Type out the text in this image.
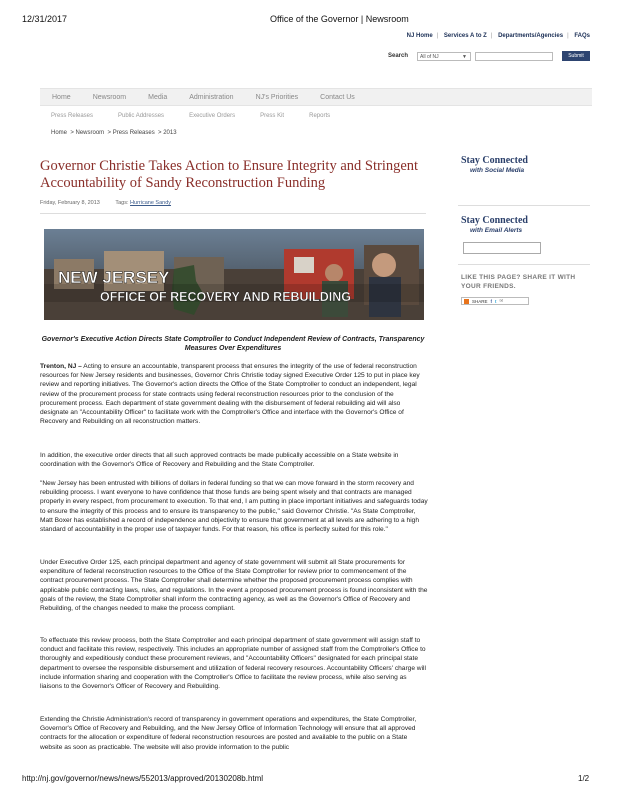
12/31/2017	Office of the Governor | Newsroom
NJ Home | Services A to Z | Departments/Agencies | FAQs
Search	All of NJ	▼	Submit
Home	Newsroom	Media	Administration	NJ's Priorities	Contact Us
Press Releases	Public Addresses	Executive Orders	Press Kit	Reports
Home  > Newsroom  > Press Releases  > 2013
Governor Christie Takes Action to Ensure Integrity and Stringent Accountability of Sandy Reconstruction Funding
Friday, February 8, 2013	Tags: Hurricane Sandy
NEW JERSEY
OFFICE OF RECOVERY AND REBUILDING
Stay Connected
with Social Media
Stay Connected
with Email Alerts
LIKE THIS PAGE? SHARE IT WITH YOUR FRIENDS.
SHARE f t ✉
Governor's Executive Action Directs State Comptroller to Conduct Independent Review of Contracts, Transparency Measures Over Expenditures
Trenton, NJ – Acting to ensure an accountable, transparent process that ensures the integrity of the use of federal reconstruction resources for New Jersey residents and businesses, Governor Chris Christie today signed Executive Order 125 to put in place key review and reporting initiatives. The Governor's action directs the Office of the State Comptroller to conduct an independent, legal review of the procurement process for state contracts using federal reconstruction resources prior to the conclusion of the procurement process. Each department of state government dealing with the disbursement of federal rebuilding aid will also designate an "Accountability Officer" to facilitate work with the Comptroller's Office and interface with the Governor's Office of Recovery and Rebuilding on all reconstruction matters.
In addition, the executive order directs that all such approved contracts be made publically accessible on a State website in coordination with the Governor's Office of Recovery and Rebuilding and the State Comptroller.
"New Jersey has been entrusted with billions of dollars in federal funding so that we can move forward in the storm recovery and rebuilding process. I want everyone to have confidence that those funds are being spent wisely and that contracts are managed properly in every respect, from procurement to execution. To that end, I am putting in place important initiatives and safeguards today to ensure the integrity of this process and to ensure its transparency to the public," said Governor Christie. "As State Comptroller, Matt Boxer has established a record of independence and objectivity to ensure that government at all levels are adhering to a high standard of accountability in the proper use of taxpayer funds. For that reason, his office is perfectly suited for this role."
Under Executive Order 125, each principal department and agency of state government will submit all State procurements for expenditure of federal reconstruction resources to the Office of the State Comptroller for review prior to commencement of the contract procurement process. The State Comptroller shall determine whether the proposed procurement process complies with applicable public contracting laws, rules, and regulations. In the event a proposed procurement process is found inconsistent with the goals of the review, the State Comptroller shall inform the contracting agency, as well as the Governor's Office of Recovery and Rebuilding, of the changes needed to make the process compliant.
To effectuate this review process, both the State Comptroller and each principal department of state government will assign staff to conduct and facilitate this review, respectively. This includes an appropriate number of assigned staff from the Comptroller's Office to thoroughly and expeditiously conduct these procurement reviews, and "Accountability Officers" designated for each principal state department to oversee the responsible disbursement and utilization of federal recovery resources. Accountability Officers' charge will include information sharing and cooperation with the Comptroller's Office to facilitate the review process, while also serving as liaisons to the Governor's Officer of Recovery and Rebuilding.
Extending the Christie Administration's record of transparency in government operations and expenditures, the State Comptroller, Governor's Office of Recovery and Rebuilding, and the New Jersey Office of Information Technology will ensure that all approved contracts for the allocation or expenditure of federal reconstruction resources are posted and available to the public on a State website as soon as practicable. The website will also provide information to the public
http://nj.gov/governor/news/news/552013/approved/20130208b.html	1/2
